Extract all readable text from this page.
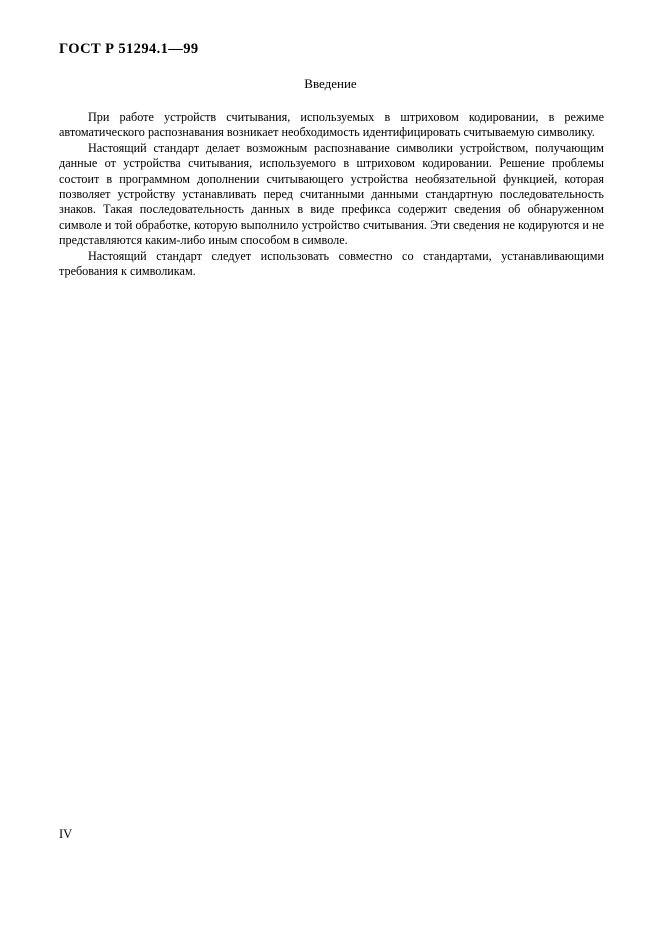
ГОСТ Р 51294.1—99
Введение

При работе устройств считывания, используемых в штриховом кодировании, в режиме автоматического распознавания возникает необходимость идентифицировать считываемую символику.

Настоящий стандарт делает возможным распознавание символики устройством, получающим данные от устройства считывания, используемого в штриховом кодировании. Решение проблемы состоит в программном дополнении считывающего устройства необязательной функцией, которая позволяет устройству устанавливать перед считанными данными стандартную последовательность знаков. Такая последовательность данных в виде префикса содержит сведения об обнаруженном символе и той обработке, которую выполнило устройство считывания. Эти сведения не кодируются и не представляются каким-либо иным способом в символе.

Настоящий стандарт следует использовать совместно со стандартами, устанавливающими требования к символикам.

IV
